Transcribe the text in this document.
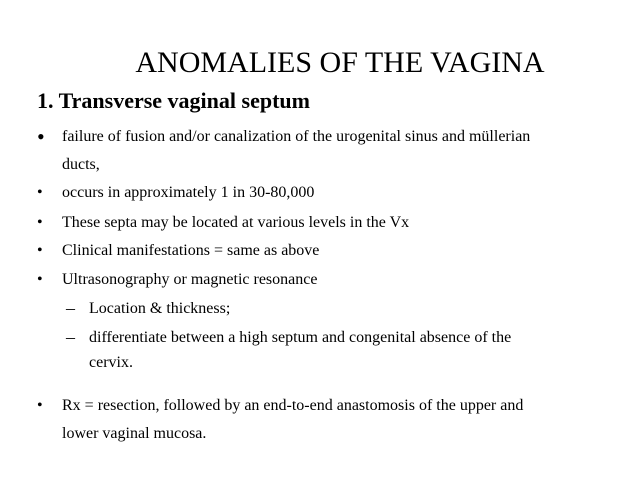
ANOMALIES OF THE VAGINA
1. Transverse vaginal septum
• failure of fusion and/or canalization of the urogenital sinus and müllerian
ducts,
• occurs in approximately 1 in 30-80,000
• These septa may be located at various levels in the Vx
• Clinical manifestations = same as above
• Ultrasonography or magnetic resonance
– Location & thickness;
– differentiate between a high septum and congenital absence of the
cervix.
• Rx = resection, followed by an end-to-end anastomosis of the upper and
lower vaginal mucosa.
